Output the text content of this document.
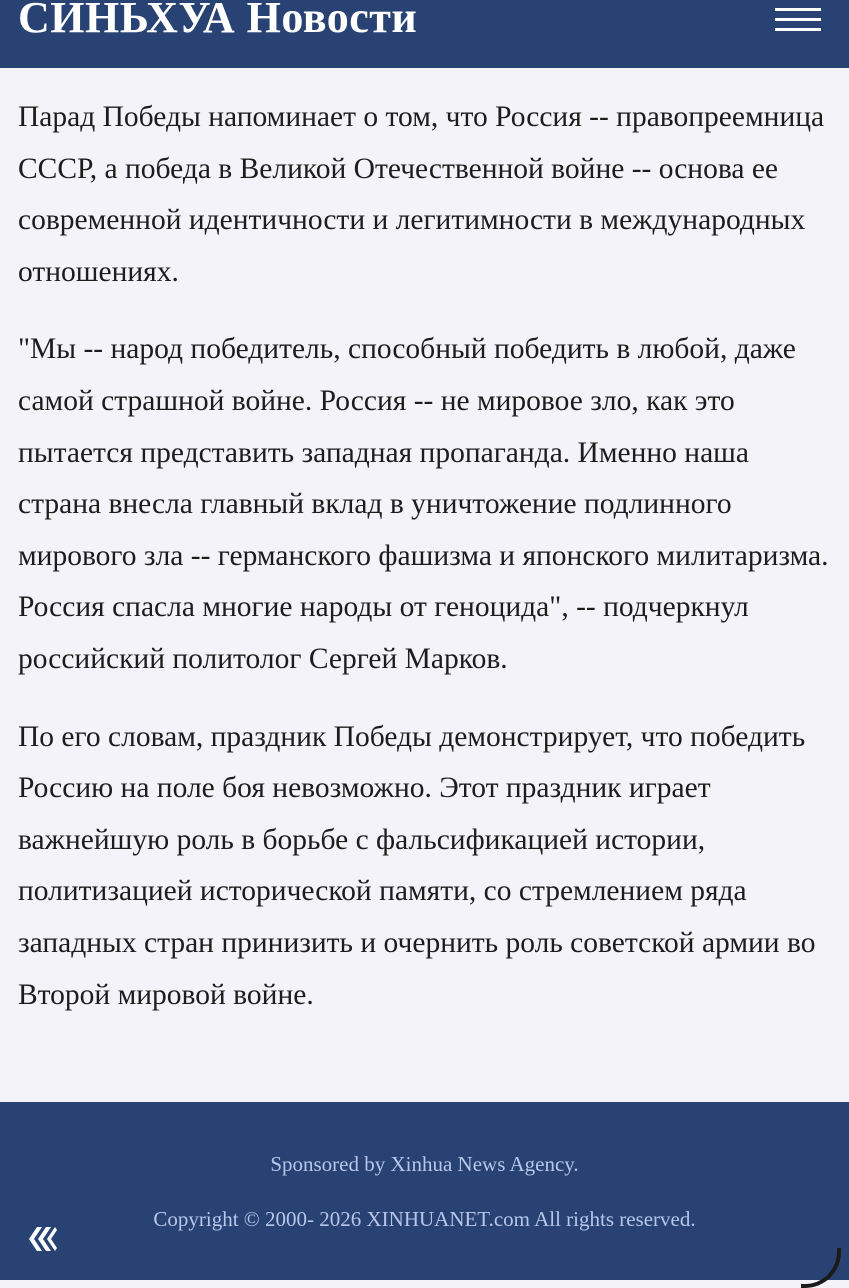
СИНЬХУА Новости

Парад Победы напоминает о том, что Россия -- правопреемница СССР, а победа в Великой Отечественной войне -- основа ее современной идентичности и легитимности в международных отношениях.

"Мы -- народ победитель, способный победить в любой, даже самой страшной войне. Россия -- не мировое зло, как это пытается представить западная пропаганда. Именно наша страна внесла главный вклад в уничтожение подлинного мирового зла -- германского фашизма и японского милитаризма. Россия спасла многие народы от геноцида", -- подчеркнул российский политолог Сергей Марков.

По его словам, праздник Победы демонстрирует, что победить Россию на поле боя невозможно. Этот праздник играет важнейшую роль в борьбе с фальсификацией истории, политизацией исторической памяти, со стремлением ряда западных стран принизить и очернить роль советской армии во Второй мировой войне.

Sponsored by Xinhua News Agency.
Copyright © 2000- 2026 XINHUANET.com All rights reserved.
